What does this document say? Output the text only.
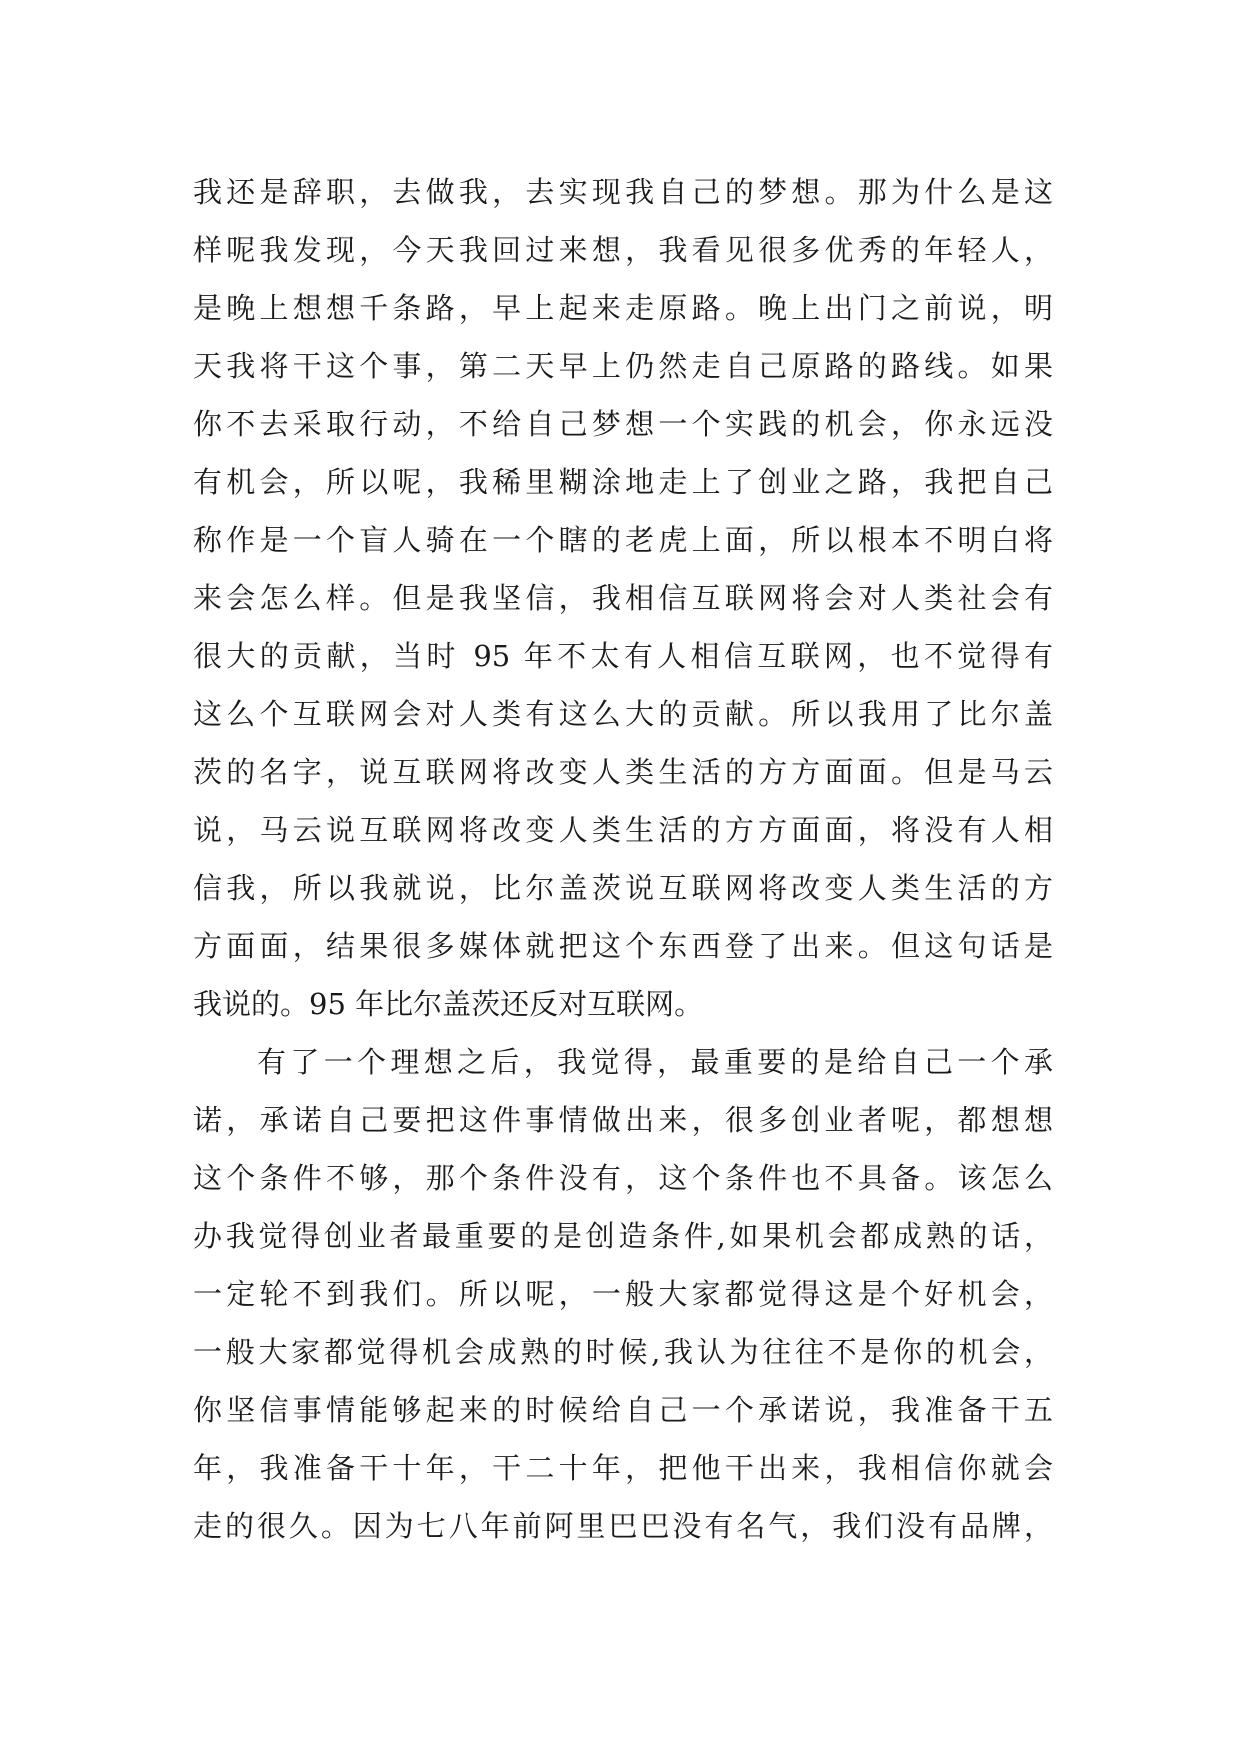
我还是辞职，去做我，去实现我自己的梦想。那为什么是这
样呢我发现，今天我回过来想，我看见很多优秀的年轻人，
是晚上想想千条路，早上起来走原路。晚上出门之前说，明
天我将干这个事，第二天早上仍然走自己原路的路线。如果
你不去采取行动，不给自己梦想一个实践的机会，你永远没
有机会，所以呢，我稀里糊涂地走上了创业之路，我把自己
称作是一个盲人骑在一个瞎的老虎上面，所以根本不明白将
来会怎么样。但是我坚信，我相信互联网将会对人类社会有
很大的贡献，当时 95 年不太有人相信互联网，也不觉得有
这么个互联网会对人类有这么大的贡献。所以我用了比尔盖
茨的名字，说互联网将改变人类生活的方方面面。但是马云
说，马云说互联网将改变人类生活的方方面面，将没有人相
信我，所以我就说，比尔盖茨说互联网将改变人类生活的方
方面面，结果很多媒体就把这个东西登了出来。但这句话是
我说的。95 年比尔盖茨还反对互联网。
有了一个理想之后，我觉得，最重要的是给自己一个承
诺，承诺自己要把这件事情做出来，很多创业者呢，都想想
这个条件不够，那个条件没有，这个条件也不具备。该怎么
办我觉得创业者最重要的是创造条件,如果机会都成熟的话，
一定轮不到我们。所以呢，一般大家都觉得这是个好机会，
一般大家都觉得机会成熟的时候,我认为往往不是你的机会，
你坚信事情能够起来的时候给自己一个承诺说，我准备干五
年，我准备干十年，干二十年，把他干出来，我相信你就会
走的很久。因为七八年前阿里巴巴没有名气，我们没有品牌，
